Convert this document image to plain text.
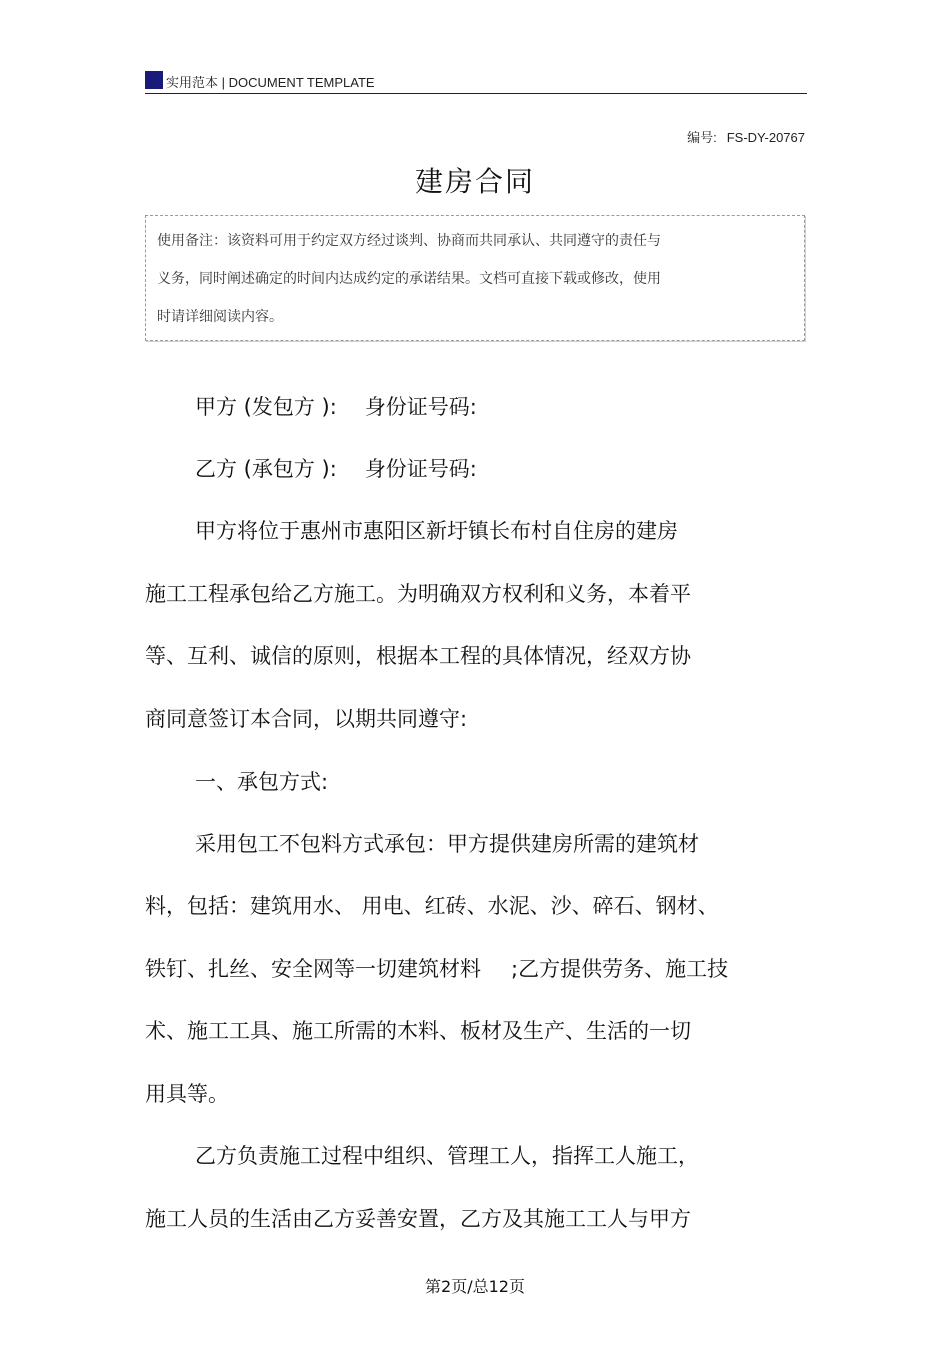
实用范本 | DOCUMENT TEMPLATE
编号: FS-DY-20767
建房合同
使用备注：该资料可用于约定双方经过谈判、协商而共同承认、共同遵守的责任与
义务，同时阐述确定的时间内达成约定的承诺结果。文档可直接下载或修改，使用
时请详细阅读内容。
甲方 (发包方 ): 身份证号码:
乙方 (承包方 ): 身份证号码:
甲方将位于惠州市惠阳区新圩镇长布村自住房的建房
施工工程承包给乙方施工。为明确双方权利和义务，本着平
等、互利、诚信的原则，根据本工程的具体情况，经双方协
商同意签订本合同，以期共同遵守:
一、承包方式:
采用包工不包料方式承包：甲方提供建房所需的建筑材
料，包括：建筑用水、 用电、红砖、水泥、沙、碎石、钢材、
铁钉、扎丝、安全网等一切建筑材料 ;乙方提供劳务、施工技
术、施工工具、施工所需的木料、板材及生产、生活的一切
用具等。
乙方负责施工过程中组织、管理工人，指挥工人施工，
施工人员的生活由乙方妥善安置，乙方及其施工工人与甲方
第2页/总12页
